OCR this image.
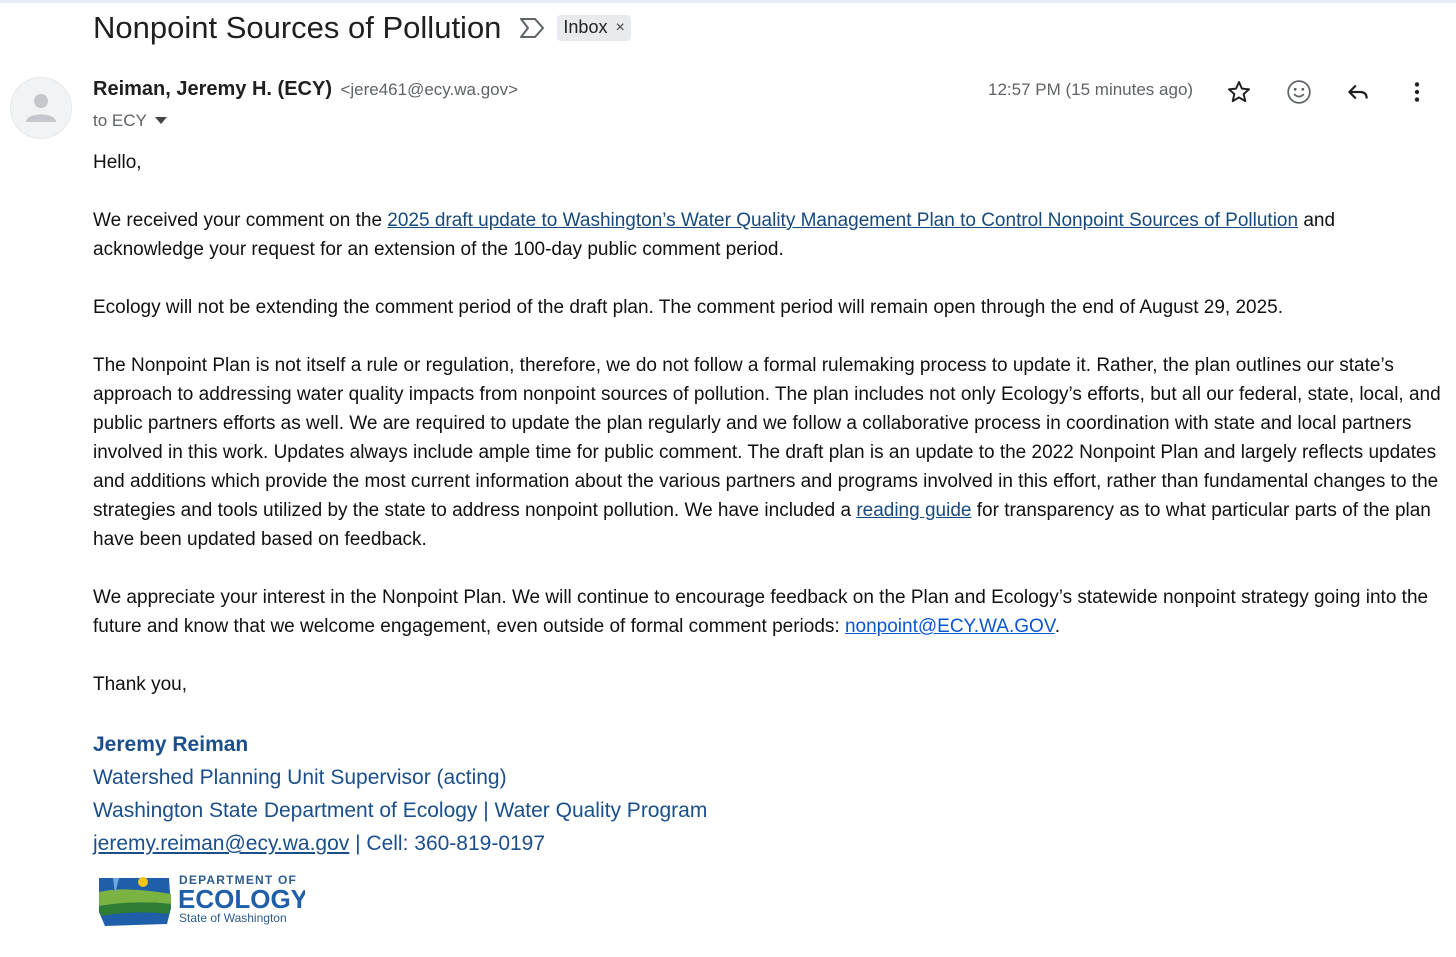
Nonpoint Sources of Pollution	Inbox ×
Reiman, Jeremy H. (ECY) <jere461@ecy.wa.gov>
to ECY
12:57 PM (15 minutes ago)

Hello,

We received your comment on the 2025 draft update to Washington’s Water Quality Management Plan to Control Nonpoint Sources of Pollution and acknowledge your request for an extension of the 100-day public comment period.

Ecology will not be extending the comment period of the draft plan. The comment period will remain open through the end of August 29, 2025.

The Nonpoint Plan is not itself a rule or regulation, therefore, we do not follow a formal rulemaking process to update it. Rather, the plan outlines our state’s approach to addressing water quality impacts from nonpoint sources of pollution. The plan includes not only Ecology’s efforts, but all our federal, state, local, and public partners efforts as well. We are required to update the plan regularly and we follow a collaborative process in coordination with state and local partners involved in this work. Updates always include ample time for public comment. The draft plan is an update to the 2022 Nonpoint Plan and largely reflects updates and additions which provide the most current information about the various partners and programs involved in this effort, rather than fundamental changes to the strategies and tools utilized by the state to address nonpoint pollution. We have included a reading guide for transparency as to what particular parts of the plan have been updated based on feedback.

We appreciate your interest in the Nonpoint Plan. We will continue to encourage feedback on the Plan and Ecology’s statewide nonpoint strategy going into the future and know that we welcome engagement, even outside of formal comment periods: nonpoint@ECY.WA.GOV.

Thank you,

Jeremy Reiman
Watershed Planning Unit Supervisor (acting)
Washington State Department of Ecology | Water Quality Program
jeremy.reiman@ecy.wa.gov | Cell: 360-819-0197
DEPARTMENT OF
ECOLOGY
State of Washington
